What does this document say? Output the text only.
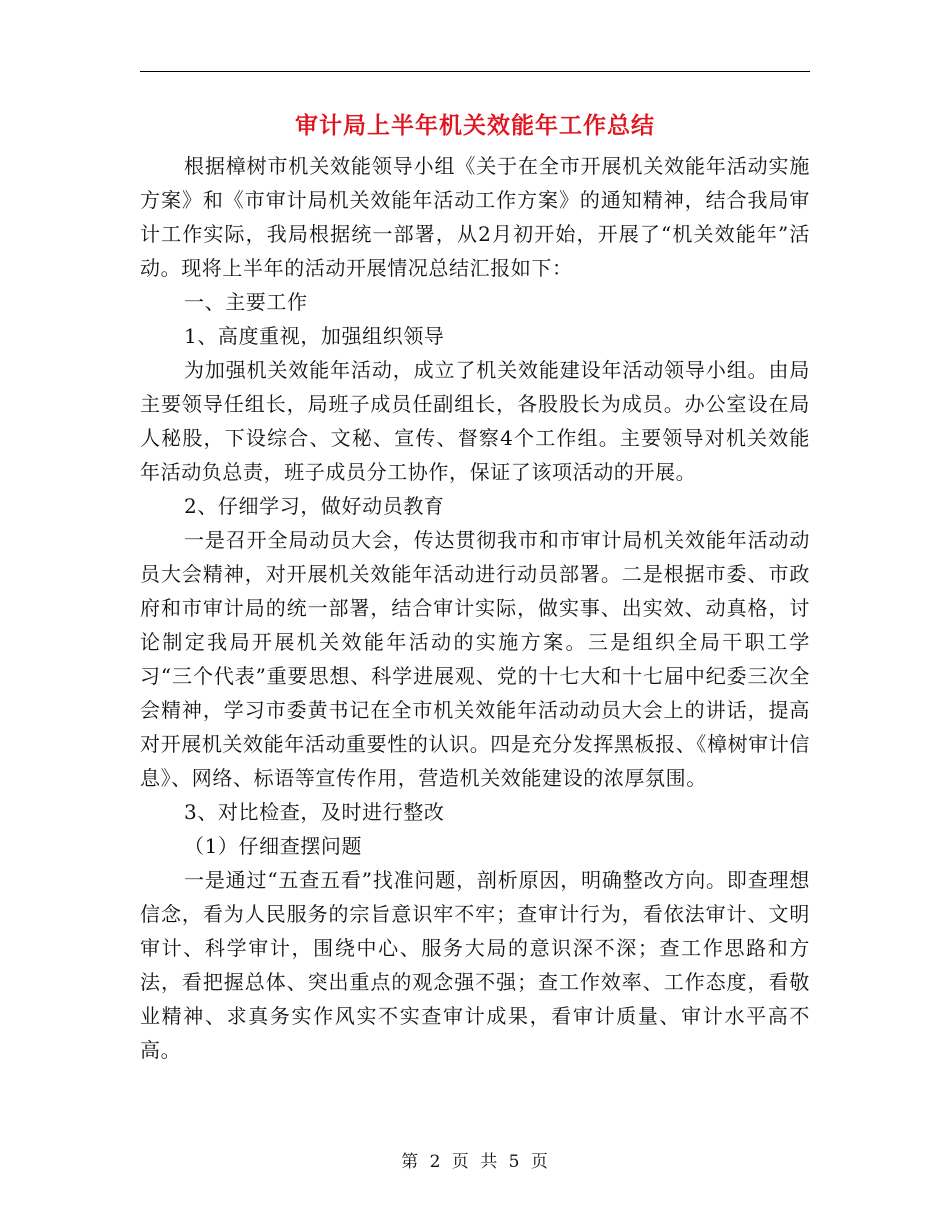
审计局上半年机关效能年工作总结

根据樟树市机关效能领导小组《关于在全市开展机关效能年活动实施方案》和《市审计局机关效能年活动工作方案》的通知精神，结合我局审计工作实际，我局根据统一部署，从2月初开始，开展了“机关效能年”活动。现将上半年的活动开展情况总结汇报如下：

一、主要工作

1、高度重视，加强组织领导

为加强机关效能年活动，成立了机关效能建设年活动领导小组。由局主要领导任组长，局班子成员任副组长，各股股长为成员。办公室设在局人秘股，下设综合、文秘、宣传、督察4个工作组。主要领导对机关效能年活动负总责，班子成员分工协作，保证了该项活动的开展。

2、仔细学习，做好动员教育

一是召开全局动员大会，传达贯彻我市和市审计局机关效能年活动动员大会精神，对开展机关效能年活动进行动员部署。二是根据市委、市政府和市审计局的统一部署，结合审计实际，做实事、出实效、动真格，讨论制定我局开展机关效能年活动的实施方案。三是组织全局干职工学习“三个代表”重要思想、科学进展观、党的十七大和十七届中纪委三次全会精神，学习市委黄书记在全市机关效能年活动动员大会上的讲话，提高对开展机关效能年活动重要性的认识。四是充分发挥黑板报、《樟树审计信息》、网络、标语等宣传作用，营造机关效能建设的浓厚氛围。

3、对比检查，及时进行整改

（1）仔细查摆问题

一是通过“五查五看”找准问题，剖析原因，明确整改方向。即查理想信念，看为人民服务的宗旨意识牢不牢；查审计行为，看依法审计、文明审计、科学审计，围绕中心、服务大局的意识深不深；查工作思路和方法，看把握总体、突出重点的观念强不强；查工作效率、工作态度，看敬业精神、求真务实作风实不实查审计成果，看审计质量、审计水平高不高。

第 2 页 共 5 页
